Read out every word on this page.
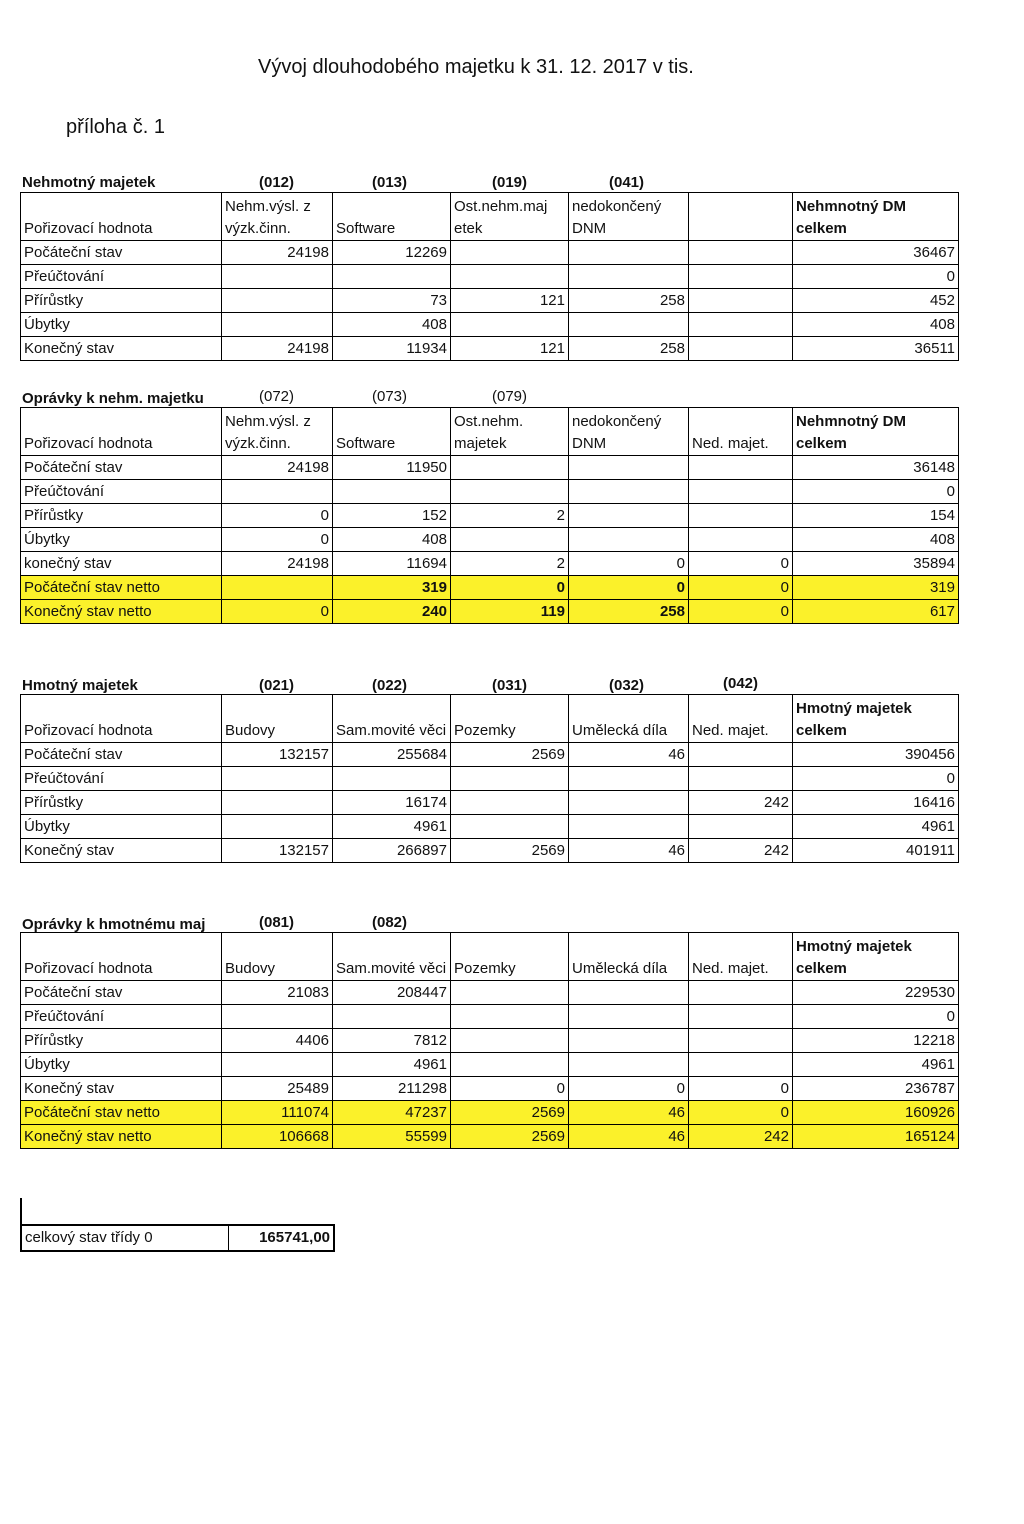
Vývoj dlouhodobého majetku k 31. 12. 2017 v tis.
příloha č. 1
Nehmotný majetek	(012)	(013)	(019)	(041)
Pořizovací hodnota	Nehm.výsl. z výzk.činn.	Software	Ost.nehm.maj etek	nedokončený DNM		Nehmnotný DM celkem
Počáteční stav	24198	12269				36467
Přeúčtování						0
Přírůstky		73	121	258		452
Úbytky		408				408
Konečný stav	24198	11934	121	258		36511
Oprávky k nehm. majetku	(072)	(073)	(079)
Pořizovací hodnota	Nehm.výsl. z výzk.činn.	Software	Ost.nehm. majetek	nedokončený DNM	Ned. majet.	Nehmnotný DM celkem
Počáteční stav	24198	11950				36148
Přeúčtování						0
Přírůstky	0	152	2			154
Úbytky	0	408				408
konečný stav	24198	11694	2	0	0	35894
Počáteční stav netto		319	0	0	0	319
Konečný stav netto	0	240	119	258	0	617
Hmotný majetek	(021)	(022)	(031)	(032)	(042)
Pořizovací hodnota	Budovy	Sam.movité věci	Pozemky	Umělecká díla	Ned. majet.	Hmotný majetek celkem
Počáteční stav	132157	255684	2569	46		390456
Přeúčtování						0
Přírůstky		16174			242	16416
Úbytky		4961				4961
Konečný stav	132157	266897	2569	46	242	401911
Oprávky k hmotnému maj	(081)	(082)
Pořizovací hodnota	Budovy	Sam.movité věci	Pozemky	Umělecká díla	Ned. majet.	Hmotný majetek celkem
Počáteční stav	21083	208447				229530
Přeúčtování						0
Přírůstky	4406	7812				12218
Úbytky		4961				4961
Konečný stav	25489	211298	0	0	0	236787
Počáteční stav netto	111074	47237	2569	46	0	160926
Konečný stav netto	106668	55599	2569	46	242	165124
celkový stav třídy 0	165741,00
